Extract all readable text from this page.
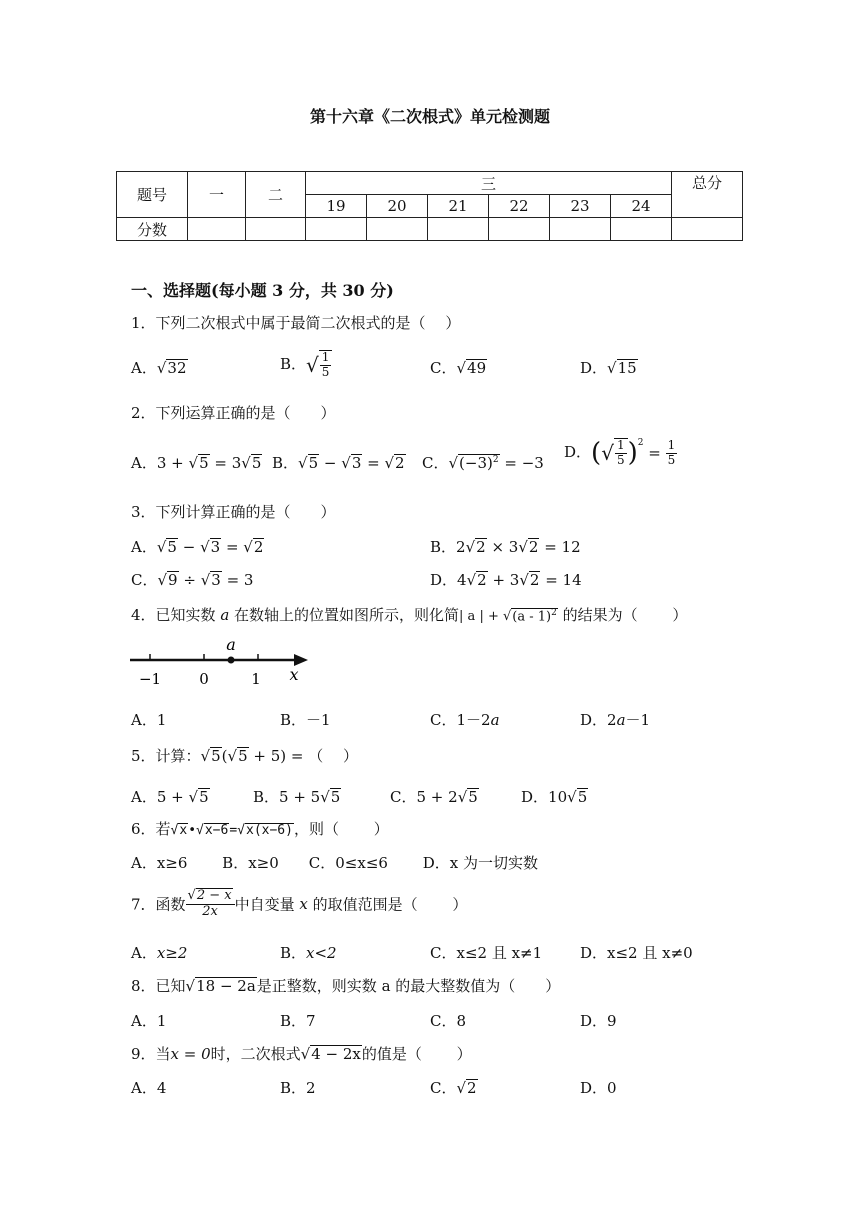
第十六章《二次根式》单元检测题
题号	一	二	三						总分
			19	20	21	22	23	24	
分数									
一、选择题(每小题 3 分，共 30 分)
1．下列二次根式中属于最简二次根式的是（　 ）
A．√32	B．√ $\frac{1}{5}$	C．√49	D．√15
2．下列运算正确的是（　　）
A．3 + √5 = 3√5 B．√5 − √3 = √2 C．$√(-3)^2 = -3$
D．(√ $\frac{1}{5} )^2 = \frac{1}{5}$
3．下列计算正确的是（　　）
A．√5 − √3 = √2	B．2√2 × 3√2 = 12
C．√9 ÷ √3 = 3	D．4√2 + 3√2 = 14
4．已知实数 a 在数轴上的位置如图所示，则化简| a | + √(a - 1)$^2$ 的结果为（　　 ）
a
−1	0	1 x
A．1	B．－1	C．1－2a	D．2a－1
5．计算：√5(√5 + 5) = （　 ）
A．5 + √5	B．5 + 5√5	C．5 + 2√5	D．10√5
6．若√x•√x−6=√x(x−6)，则（　　 ）
A．x≥6　　 B．x≥0　　C．0≤x≤6　　 D．x 为一切实数
7．函数 $\frac{√2 - x}{2x}$ 中自变量 x 的取值范围是（　　 ）
A．x≥2	B．x<2	C．x≤2 且 x≠1	D．x≤2 且 x≠0
8．已知√18 − 2a是正整数，则实数 a 的最大整数值为（　　）
A．1	B．7	C．8	D．9
9．当x = 0时，二次根式√4 − 2x的值是（　　 ）
A．4	B．2	C．√2	D．0
